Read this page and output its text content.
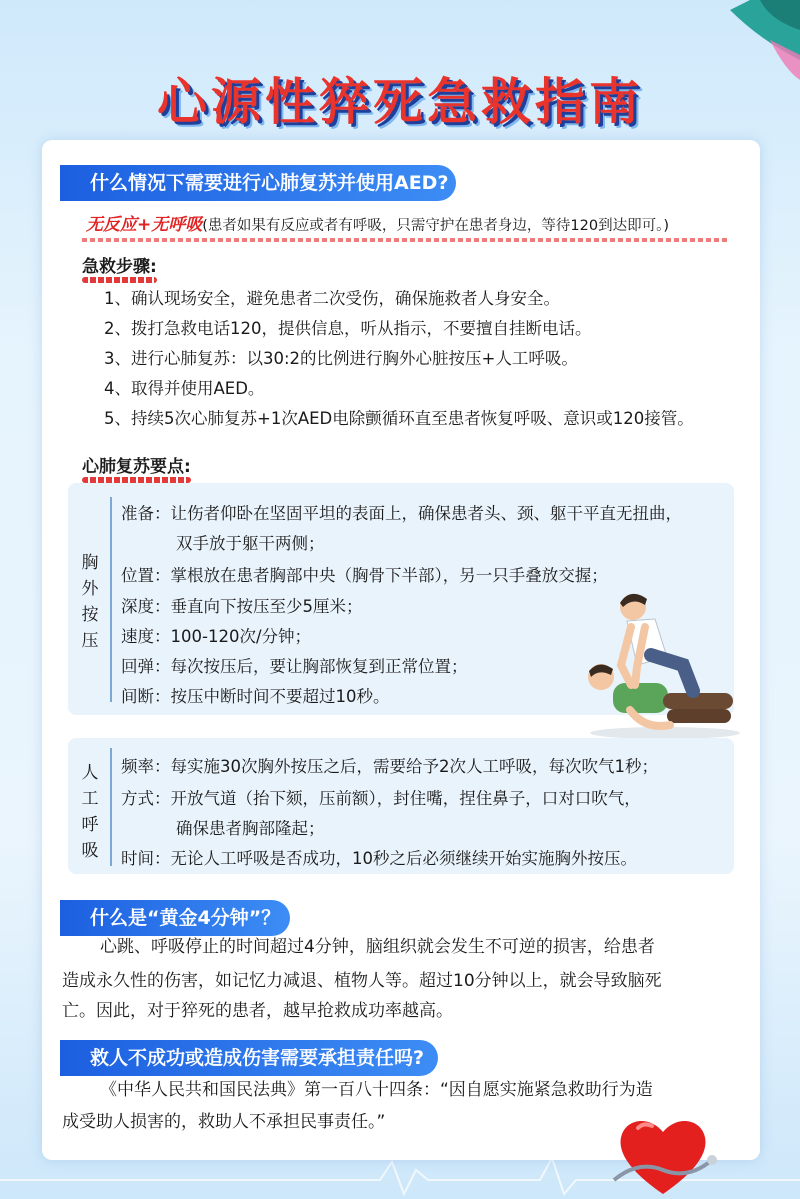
心源性猝死急救指南
什么情况下需要进行心肺复苏并使用AED?
无反应+无呼吸(患者如果有反应或者有呼吸，只需守护在患者身边，等待120到达即可。)
急救步骤:
1、确认现场安全，避免患者二次受伤，确保施救者人身安全。
2、拨打急救电话120，提供信息，听从指示，不要擅自挂断电话。
3、进行心肺复苏：以30:2的比例进行胸外心脏按压+人工呼吸。
4、取得并使用AED。
5、持续5次心肺复苏+1次AED电除颤循环直至患者恢复呼吸、意识或120接管。
心肺复苏要点:
胸
外
按
压
准备：让伤者仰卧在坚固平坦的表面上，确保患者头、颈、躯干平直无扭曲，
双手放于躯干两侧；
位置：掌根放在患者胸部中央（胸骨下半部），另一只手叠放交握；
深度：垂直向下按压至少5厘米；
速度：100-120次/分钟；
回弹：每次按压后，要让胸部恢复到正常位置；
间断：按压中断时间不要超过10秒。
人
工
呼
吸
频率：每实施30次胸外按压之后，需要给予2次人工呼吸，每次吹气1秒；
方式：开放气道（抬下颏，压前额），封住嘴，捏住鼻子，口对口吹气，
确保患者胸部隆起；
时间：无论人工呼吸是否成功，10秒之后必须继续开始实施胸外按压。
什么是“黄金4分钟”？
心跳、呼吸停止的时间超过4分钟，脑组织就会发生不可逆的损害，给患者
造成永久性的伤害，如记忆力减退、植物人等。超过10分钟以上，就会导致脑死
亡。因此，对于猝死的患者，越早抢救成功率越高。
救人不成功或造成伤害需要承担责任吗?
《中华人民共和国民法典》第一百八十四条：“因自愿实施紧急救助行为造
成受助人损害的，救助人不承担民事责任。”
